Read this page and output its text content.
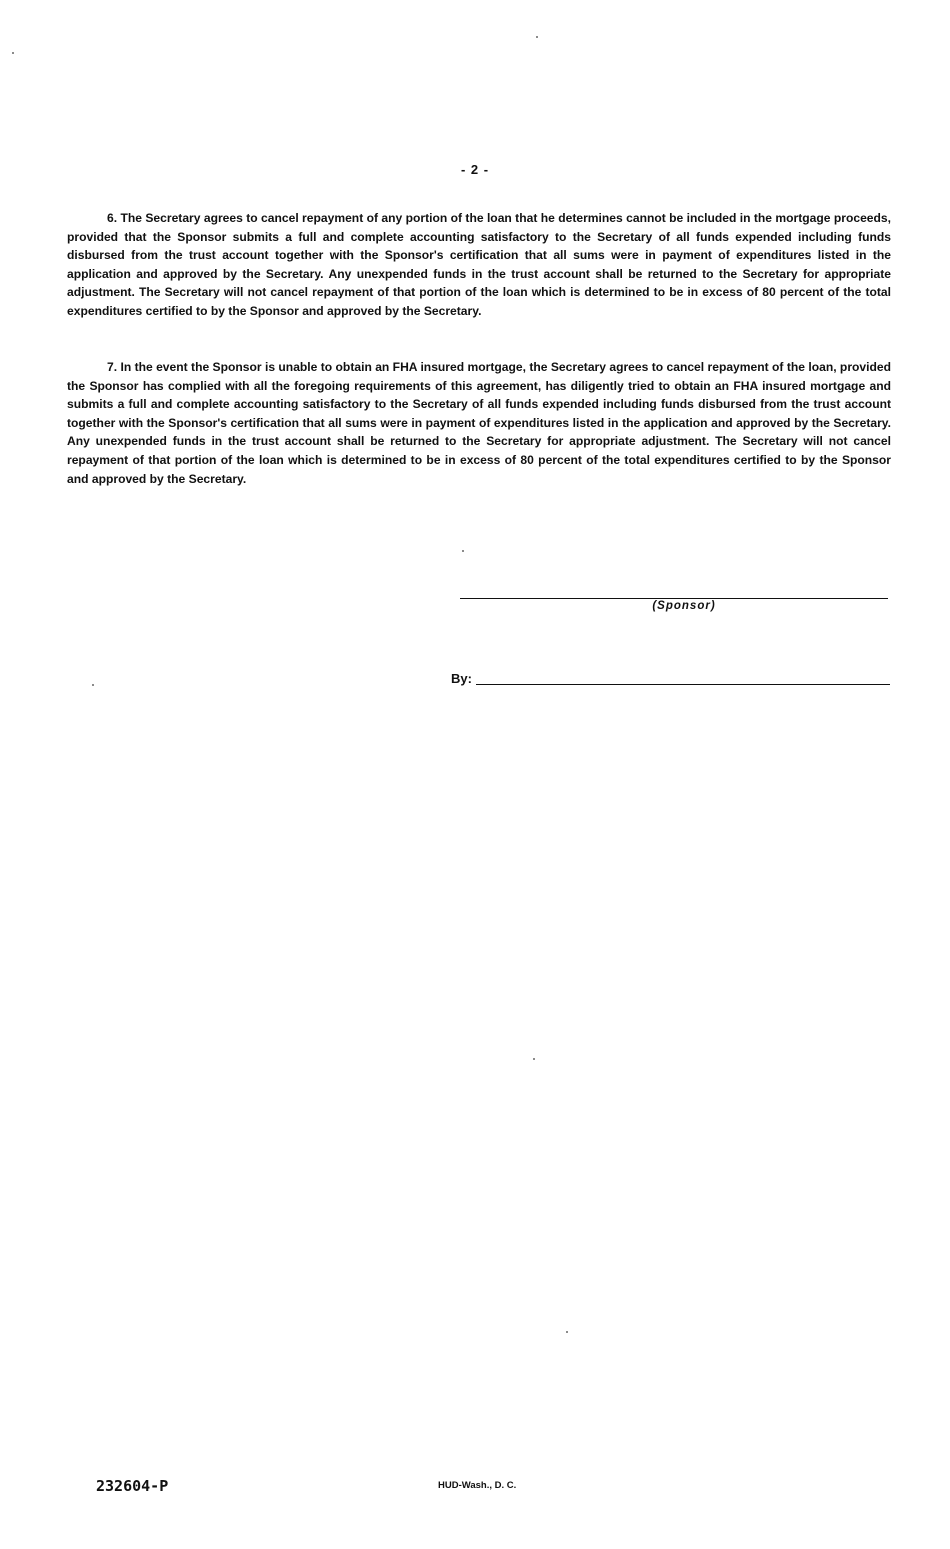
- 2 -

6. The Secretary agrees to cancel repayment of any portion of the loan that he determines cannot be included in the mortgage proceeds, provided that the Sponsor submits a full and complete accounting satisfactory to the Secretary of all funds expended including funds disbursed from the trust account together with the Sponsor's certification that all sums were in payment of expenditures listed in the application and approved by the Secretary. Any unexpended funds in the trust account shall be returned to the Secretary for appropriate adjustment. The Secretary will not cancel repayment of that portion of the loan which is determined to be in excess of 80 percent of the total expenditures certified to by the Sponsor and approved by the Secretary.

7. In the event the Sponsor is unable to obtain an FHA insured mortgage, the Secretary agrees to cancel repayment of the loan, provided the Sponsor has complied with all the foregoing requirements of this agreement, has diligently tried to obtain an FHA insured mortgage and submits a full and complete accounting satisfactory to the Secretary of all funds expended including funds disbursed from the trust account together with the Sponsor's certification that all sums were in payment of expenditures listed in the application and approved by the Secretary. Any unexpended funds in the trust account shall be returned to the Secretary for appropriate adjustment. The Secretary will not cancel repayment of that portion of the loan which is determined to be in excess of 80 percent of the total expenditures certified to by the Sponsor and approved by the Secretary.

(Sponsor)
By:
232604-P	HUD-Wash., D. C.
